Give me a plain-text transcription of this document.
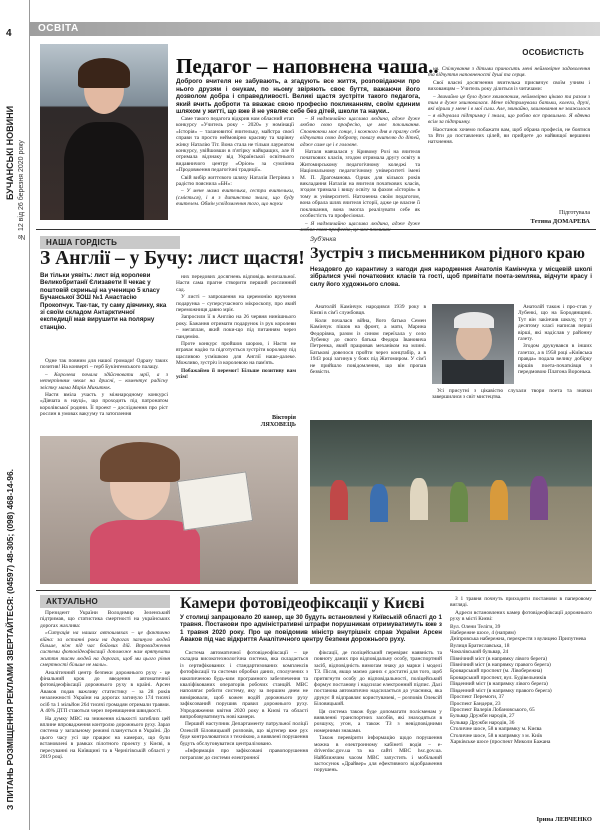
4
БУЧАНСЬКІ НОВИНИ № 12 від 26 березня 2020 року
З ПИТАНЬ РОЗМІЩЕННЯ РЕКЛАМИ ЗВЕРТАЙТЕСЯ: (04597) 48-305; (098) 468-14-96.
ОСВІТА
ОСОБИСТІСТЬ
Педагог – наповнена чаша..
Доброго вчителя не забувають, а згадують все життя, розповідаючи про нього друзям і онукам, по ньому звіряють своє буття, важаючи його дозволом добра і справедливості. Великі щастя зустріти такого педагога, який вчить доброти та вважає свою професію покликанням, своїм єдиним шляхом у житті, що вже й не уявляє себе без дітей, школи та науки..

Саме такого педагога відкрив нам обласний етап конкурсу «Учитель року - 2020» у номінації «Історія» – талановитої вчительку, майстра своєї справи та просто неймовірно красиву та чарівну жінку Наталію Тіт. Вона стала не тільки лауреатом конкурсу, увійшовши в п'ятірку найкращих, але й отримала відзнаку від Української освітнього видавничого центру «Оріон» за сумлінна «Продовження педагогічні традиції».

Свій вибір життєвого шляху Наталія Петрівна з радістю пояснила «БН»:

– У мене мама вчителька, сестри вчительки, (сміється), і я з дитинства знала, що буду вчителем. Обмін усвідомлення того, що науки

– Я надзвичайно щаслива людина, адже дуже люблю свою професію, це моє покликання. Сповнюючи моє сонце, і кожного дня я прагну себе відчувати свою доброту, повагу вчителю до дітей, адже саме це і є головне.

Наталя навчалася у Кривому Розі на вчителя початкових класів, згодом отримала другу освіту в Житомирському педагогічному коледжі та Національному педагогічному університеті імені М. П. Драгоманова. Однак для кількох років викладання Наталія на вчителя початкових класів, згодом тримала і вищу освіту за фахом «Історія» в тому ж університеті. Натхненна своїм педагогом, вона обрала шлях вчителя історії, адже це власне її покликання, вона змогла реалізувати себе як особистість та професіонал.

– Я надзвичайно щаслива людина, адже дуже

ня. Спілкування з дітьми приносить мені неймовірне задоволення та відчуття наповненості душі та серця.

Свої власні досягнення вчителька присвячує своїм учням і вихованцям – Учитель року ділиться із читачами:

– Звичайно це було дуже хвилюючим, неймовірно цікаво та разом з тим я дуже хвилювалася. Мене підтримували батьки, колеги, друзі, які вірили у мене і в мої сили. Але, звичайно, хвилювання не зважилося – я відчувала підтримку і знала, що роблю все правильно. Я вдячна всім за підтримку.

Наостанок хочемо побажати вам, щоб обрана професія, не боятися та йти до поставлених цілей, ви прийдете до найвищої вершини натхнення.

Підготувала
Тетяна ДОМАРЕВА
НАША ГОРДІСТЬ
З Англії – у Бучу: лист щастя!
Ви тільки уявіть: лист від королеви Великобританії Єлизавети ІІ чекає у поштовій скриньці на ученицю 5 класу Бучанської ЗОШ №1 Анастасію Прокопчук. Так-так, ту саму дівчинку, яка зі своїм складом Антарктичної експедиції мав вирушити на полярну станцію.

Одне так повним для нашої громади! Одразу таких позитив! На конверті – герб Букінгемського палацу.

– Королева почала здійснювати мрії, а з нетерпінням чекає на дрисні, – коментує радісну звістку мама Марія Микитюк.

Настя вміла участь у міжнародному конкурсі «Дівчата в науці», що проходить під патронатом королівської родини. Її проект – дослідження про ріст рослин в умовах вакууму та затоплення

них передових досягнень відповідь величальної. Настя сама прагне створити перший рослинний сад.

У листі – запрошення на церемонію вручення подарунка – суперсучасного мікроскопу, про який переможниця давно мріє.

Запросили її в Англію на 26 червня нинішнього року. Бажання отримати подарунок із рук королеви – мегаплан, який поки-що під питанням через пандемію.

Проте конкурс пройшов шорою, і Настя не втрачає надію та підготується зустріти королеву під щасливою усмішкою для Англії наше-далеке. Можливо, зустріч із королевою на пам'ять.

Побажаймо її перемог! Більше позитиву вам усім!

Вікторія ЛЯХОВЕЦЬ
Зуб'янка
Зустріч з письменником рідного краю
Незадовго до карантину з нагоди дня народження Анатолія Камінчука у місцевій школі зібралися учні початкових класів та гості, щоб привітати поета-земляка, відчути красу і силу його художнього слова.

Анатолій Камінчук народився 1939 року в Києві в сім'ї службовця.

Коли почалася війна, його батько Семен Камінчук пішов на фронт, а мати, Марина Федорівна, разом із сином переїхала у село Лубенку до свого батька Федора Івановича Петренка, який працював механіком на млині. Батькові довелося пройти через концтабір, а в 1943 році загинув у боях під Житомиром. У сім'ї не прийшло повідомлення, що він пропав безвісти.

Анатолій також і про-став у Лубенкі, що на Бородянщині. Тут він закінчив школу, тут у десятому класі написав перші вірші, які надіслав у районну газету.

Згодом друкувався в інших газетах, а в 1958 році «Київська правда» подала велику добірку віршів поета-початківця з передмовою Платона Воронька.

Усі присутні з цікавістю слухали твори поета та значки завершилися з світ мистецтва.

АКТУАЛЬНО

Президент України Володимир Зеленський підтримав, що статистика смертності на українських дорогах жахлива:

«Ситуація на наших автошляхах – це фактично війна: за останні роки на дорогах загинуло людей більше, ніж під час бойових дій. Впровадження системи фотовідеофіксації допоможе нам врятувати життя тисяч людей на дорогах, щоб ми цього рівня смертності більше не мали».

Аналітичний центр безпеки дорожнього руху - це фінальний крок до введення автоматичної фотовідеофіксації дорожнього руху в країні. Арсен Аваков подав важливу статистику – за 28 років незалежності України на дорогах загинуло 174 тисячі осіб та 1 мільйон 264 тисячі громадян отримали травми. А 40% ДТП стаються через перевищення швидкості.

На думку МВС на зниження кількості загиблих цей вплине впровадження контролю дорожнього руху. Зараз система у загальному режимі планується в Україні. До цього часу усі ще працює на камерах, що були встановлені в рамках пілотного проекту у Києві, в пересуванні на Київщині та в Чернігівській області у 2019 році.

Камери фотовідеофіксації у Києві
У столиці запрацювало 20 камер, ще 30 будуть встановлені у Київській області до 1 травня. Постанови про адміністративні штрафи порушникам отримуватимуть вже з 1 травня 2020 року. Про це повідомив міністр внутрішніх справ України Арсен Аваков під час відкриття Аналітичного центру безпеки дорожнього руху.

Система автоматичної фотовідеофіксації – це складна високотехнологічна система, яка складається із сертифікованих і стандартизованих комплексів фотофіксації та системи обробки даних, сполучених з накопиченою будь-ким програмного забезпечення та кваліфікованих операторів робочих станцій. МВС наполягає робити систему, яку за першим днем не вимірювали, щоб кожен водій дорожнього руху зафіксований порушив правил дорожнього руху. Упродовження квітня 2020 року в Києві та області випробовуватимуть нові камери.

Перший наступник Департаменту патрульної поліції Олексій Біловицький розповів, що відтепер вже рух буде контролюватися з технікою, а виявлені порушення будуть обслуговуватися централізовано.

«Інформація про зафіксовані правопорушення потрапляє до системи електронної

фіксації, де поліцейський перевіряє наявність та повноту даних про відповідальну особу, транспортний засіб, відповідність вимогам знаку до марки і моделі ТЗ. Після, якщо маємо даних є достатні для того, щоб притягнути особу до відповідальності, поліцейський формує постанову і надсилає електронний підпис. Далі постанова автоматично надсилається до учасника, яка друкує й відправляє користувачеві, – розповів Олексій Біловицький.

Ця система також буде допомагати полісменам у виявленні транспортних засобів, які знаходяться в розшуку, угон, а також ТЗ з невідповідними номерними знаками.

Також перевірити інформацію щодо порушення можна в електронному кабінеті водія – e-driverdoc.gov.ua та на сайті МВС hsc.gov.ua. Найближчим часом МВС запустить і мобільний застосунок «Драйвер» для ефективного відображення порушень.

З 1 травня почнуть приходити постанови в паперовому вигляді.

Адреси встановлених камер фотовідеофіксації дорожнього руху в місті Києві:

Вул. Олени Теліги, 39
Набережне шосе, 4 (напрям)
Дніпровська набережна, перехрестя з вулицею Припутнева
Вулиця Братиславська, 18
Чоколівський бульвар, 24
Північний міст (в напрямку лівого берега)
Північний міст (в напрямку правого берега)
Броварський проспект (м. Лівобережна)
Броварський проспект, вул. Будівельників
Південний міст (в напрямку лівого берега)
Південний міст (в напрямку правого берега)
Проспект Перемоги, 37
Проспект Бандери, 23
Проспект Валерія Лобановського, 65
Бульвар Дружби народів, 27
Бульвар Дружби народів, 36
Столичне шосе, 58 в напрямку м. Києва
Столичне шосе, 58 в напрямку з м. Київ
Харківське шосе (проспект Миколи Бажана
Ірина ЛЕВЧЕНКО
